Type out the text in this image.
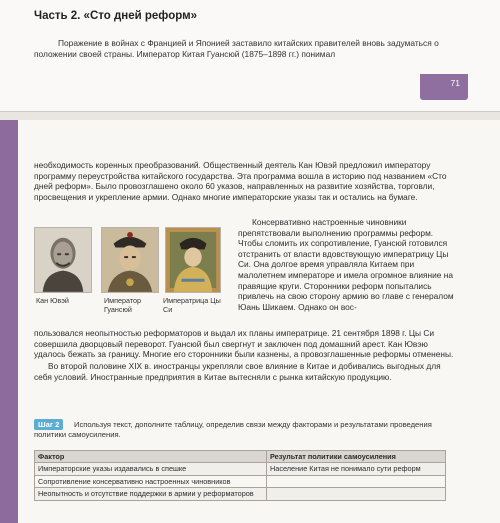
Часть 2. «Сто дней реформ»
Поражение в войнах с Францией и Японией заставило китайских правителей вновь задуматься о положении своей страны. Император Китая Гуансюй (1875–1898 гг.) понимал
71
необходимость коренных преобразований. Общественный деятель Кан Ювэй предложил императору программу переустройства китайского государства. Эта программа вошла в историю под названием «Сто дней реформ». Было провозглашено около 60 указов, направленных на развитие хозяйства, торговли, просвещения и укрепление армии. Однако многие императорские указы так и остались на бумаге.
Кан Ювэй	Император Гуансюй
Императрица Цы Си
Консервативно настроенные чиновники препятствовали выполнению программы реформ. Чтобы сломить их сопротивление, Гуансюй готовился отстранить от власти вдовствующую императрицу Цы Си. Она долгое время управляла Китаем при малолетнем императоре и имела огромное влияние на правящие круги. Сторонники реформ попытались привлечь на свою сторону армию во главе с генералом Юань Шикаем. Однако он вос-
пользовался неопытностью реформаторов и выдал их планы императрице. 21 сентября 1898 г. Цы Си совершила дворцовый переворот. Гуансюй был свергнут и заключен под домашний арест. Кан Ювэю удалось бежать за границу. Многие его сторонники были казнены, а провозглашенные реформы отменены.
Во второй половине XIX в. иностранцы укрепляли свое влияние в Китае и добивались выгодных для себя условий. Иностранные предприятия в Китае вытесняли с рынка китайскую продукцию.
Используя текст, дополните таблицу, определив связи между факторами и результатами проведения политики самоусиления.
Шаг 2
Фактор	Результат политики самоусиления
Императорские указы издавались в спешке	Население Китая не понимало сути реформ
Сопротивление консервативно настроенных чиновников	
Неопытность и отсутствие поддержки в армии у реформаторов	
